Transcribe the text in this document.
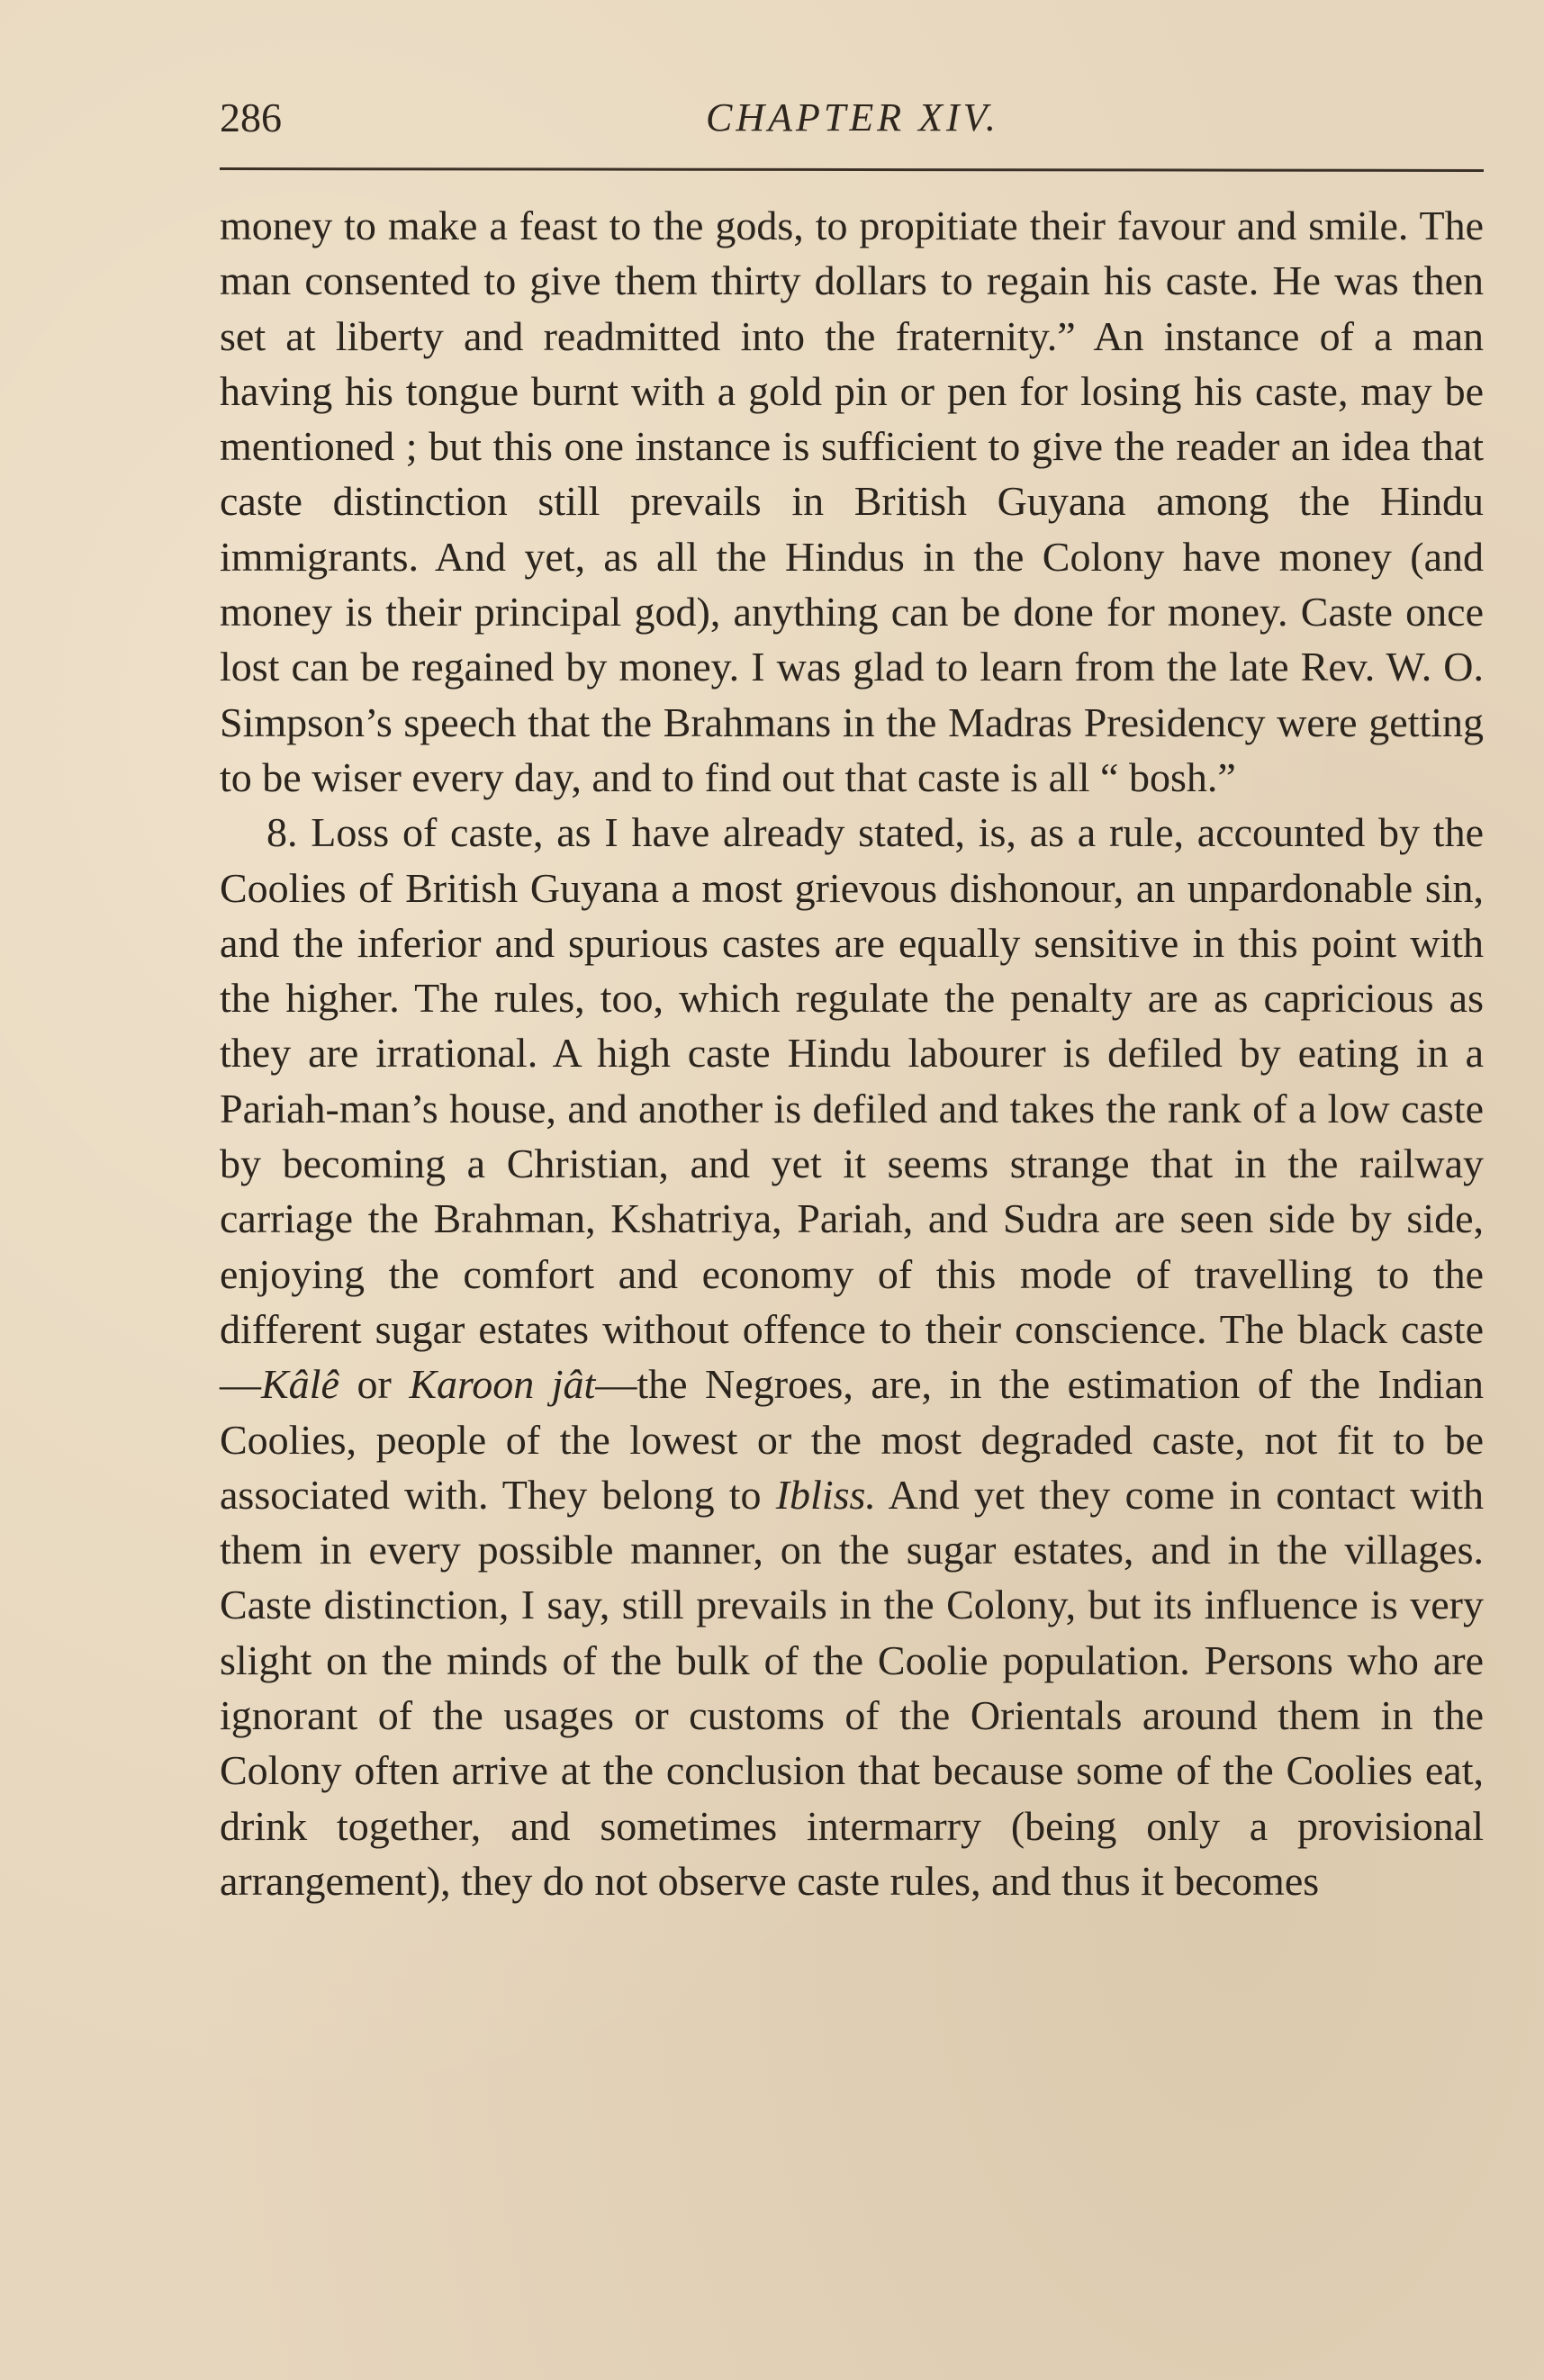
286	CHAPTER XIV.

money to make a feast to the gods, to propitiate their favour and smile. The man consented to give them thirty dollars to regain his caste. He was then set at liberty and readmitted into the fraternity.” An instance of a man having his tongue burnt with a gold pin or pen for losing his caste, may be mentioned ; but this one instance is sufficient to give the reader an idea that caste distinction still prevails in British Guyana among the Hindu immigrants. And yet, as all the Hindus in the Colony have money (and money is their principal god), anything can be done for money. Caste once lost can be regained by money. I was glad to learn from the late Rev. W. O. Simpson’s speech that the Brahmans in the Madras Presidency were getting to be wiser every day, and to find out that caste is all “ bosh.”

8. Loss of caste, as I have already stated, is, as a rule, accounted by the Coolies of British Guyana a most grievous dishonour, an unpardonable sin, and the inferior and spurious castes are equally sensitive in this point with the higher. The rules, too, which regulate the penalty are as capricious as they are irrational. A high caste Hindu labourer is defiled by eating in a Pariah-man’s house, and another is defiled and takes the rank of a low caste by becoming a Christian, and yet it seems strange that in the railway carriage the Brahman, Kshatriya, Pariah, and Sudra are seen side by side, enjoying the comfort and economy of this mode of travelling to the different sugar estates without offence to their conscience. The black caste—Kâlê or Karoon jât—the Negroes, are, in the estimation of the Indian Coolies, people of the lowest or the most degraded caste, not fit to be associated with. They belong to Ibliss. And yet they come in contact with them in every possible manner, on the sugar estates, and in the villages. Caste distinction, I say, still prevails in the Colony, but its influence is very slight on the minds of the bulk of the Coolie population. Persons who are ignorant of the usages or customs of the Orientals around them in the Colony often arrive at the conclusion that because some of the Coolies eat, drink together, and sometimes intermarry (being only a provisional arrangement), they do not observe caste rules, and thus it becomes
